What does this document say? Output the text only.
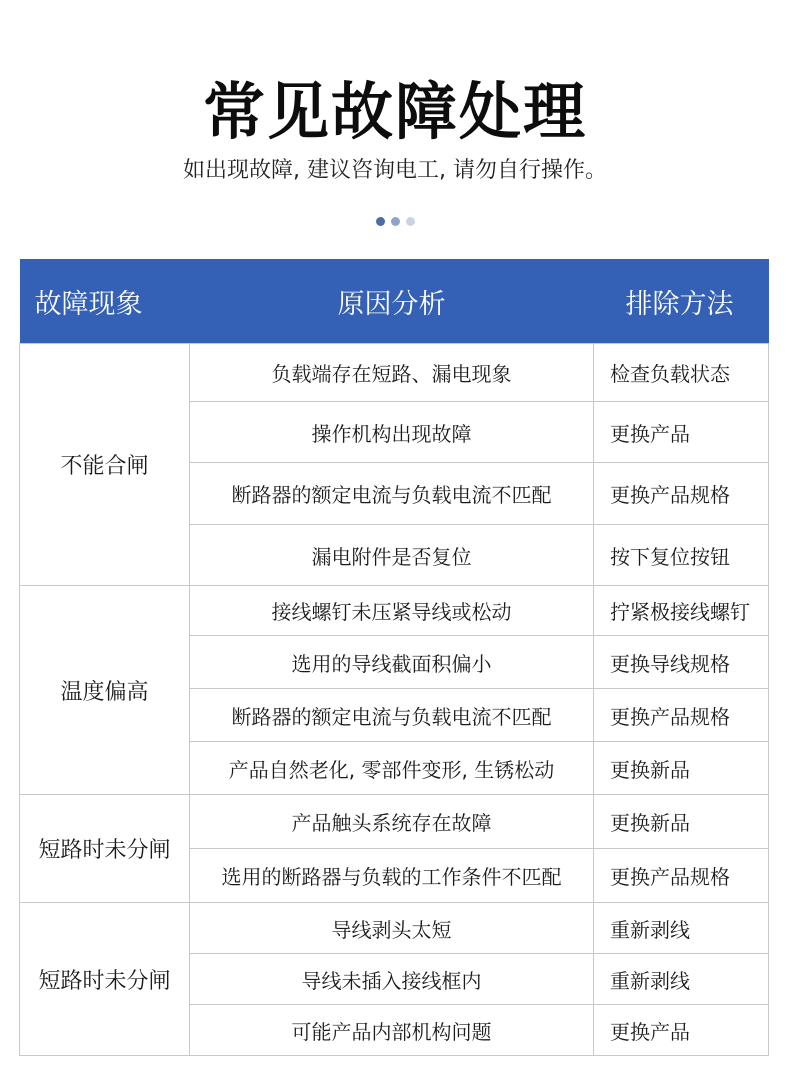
常见故障处理
如出现故障, 建议咨询电工, 请勿自行操作。
故障现象	原因分析	排除方法
不能合闸	负载端存在短路、漏电现象	检查负载状态
	操作机构出现故障	更换产品
	断路器的额定电流与负载电流不匹配	更换产品规格
	漏电附件是否复位	按下复位按钮
温度偏高	接线螺钉未压紧导线或松动	拧紧极接线螺钉
	选用的导线截面积偏小	更换导线规格
	断路器的额定电流与负载电流不匹配	更换产品规格
	产品自然老化, 零部件变形, 生锈松动	更换新品
短路时未分闸	产品触头系统存在故障	更换新品
	选用的断路器与负载的工作条件不匹配	更换产品规格
短路时未分闸	导线剥头太短	重新剥线
	导线未插入接线框内	重新剥线
	可能产品内部机构问题	更换产品
